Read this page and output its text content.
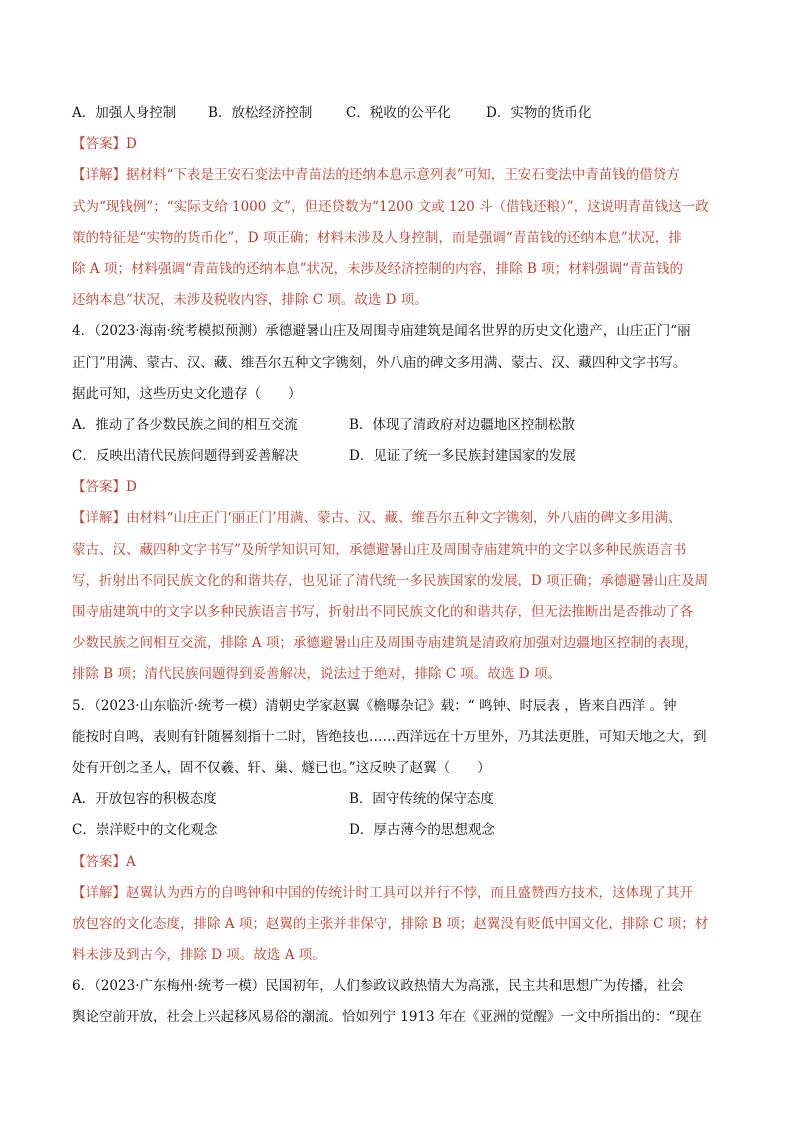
A．加强人身控制	B．放松经济控制	C．税收的公平化	D．实物的货币化
【答案】D
【详解】据材料“下表是王安石变法中青苗法的还纳本息示意列表”可知，王安石变法中青苗钱的借贷方
式为“现钱例”；“实际支给 1000 文”，但还贷数为“1200 文或 120 斗（借钱还粮）”，这说明青苗钱这一政
策的特征是“实物的货币化”，D 项正确；材料未涉及人身控制，而是强调“青苗钱的还纳本息”状况，排
除 A 项；材料强调“青苗钱的还纳本息”状况，未涉及经济控制的内容，排除 B 项；材料强调“青苗钱的
还纳本息”状况，未涉及税收内容，排除 C 项。故选 D 项。
4．（2023·海南·统考模拟预测）承德避暑山庄及周围寺庙建筑是闻名世界的历史文化遗产，山庄正门“丽
正门”用满、蒙古、汉、藏、维吾尔五种文字镌刻，外八庙的碑文多用满、蒙古、汉、藏四种文字书写。
据此可知，这些历史文化遗存（　　）
A．推动了各少数民族之间的相互交流	B．体现了清政府对边疆地区控制松散
C．反映出清代民族问题得到妥善解决	D．见证了统一多民族封建国家的发展
【答案】D
【详解】由材料“山庄正门‘丽正门’用满、蒙古、汉、藏、维吾尔五种文字镌刻，外八庙的碑文多用满、
蒙古、汉、藏四种文字书写”及所学知识可知，承德避暑山庄及周围寺庙建筑中的文字以多种民族语言书
写，折射出不同民族文化的和谐共存，也见证了清代统一多民族国家的发展，D 项正确；承德避暑山庄及周
围寺庙建筑中的文字以多种民族语言书写，折射出不同民族文化的和谐共存，但无法推断出是否推动了各
少数民族之间相互交流，排除 A 项；承德避暑山庄及周围寺庙建筑是清政府加强对边疆地区控制的表现，
排除 B 项；清代民族问题得到妥善解决，说法过于绝对，排除 C 项。故选 D 项。
5．（2023·山东临沂·统考一模）清朝史学家赵翼《檐曝杂记》载：“ 鸣钟、时辰表 ，皆来自西洋 。钟
能按时自鸣，表则有针随晷刻指十二时，皆绝技也……西洋远在十万里外，乃其法更胜，可知天地之大，到
处有开创之圣人，固不仅羲、轩、巢、燧已也。”这反映了赵翼（　　）
A．开放包容的积极态度	B．固守传统的保守态度
C．崇洋贬中的文化观念	D．厚古薄今的思想观念
【答案】A
【详解】赵翼认为西方的自鸣钟和中国的传统计时工具可以并行不悖，而且盛赞西方技术，这体现了其开
放包容的文化态度，排除 A 项；赵翼的主张并非保守，排除 B 项；赵翼没有贬低中国文化，排除 C 项；材
料未涉及到古今，排除 D 项。故选 A 项。
6．（2023·广东梅州·统考一模）民国初年，人们参政议政热情大为高涨，民主共和思想广为传播，社会
舆论空前开放，社会上兴起移风易俗的潮流。恰如列宁 1913 年在《亚洲的觉醒》一文中所指出的：“现在
